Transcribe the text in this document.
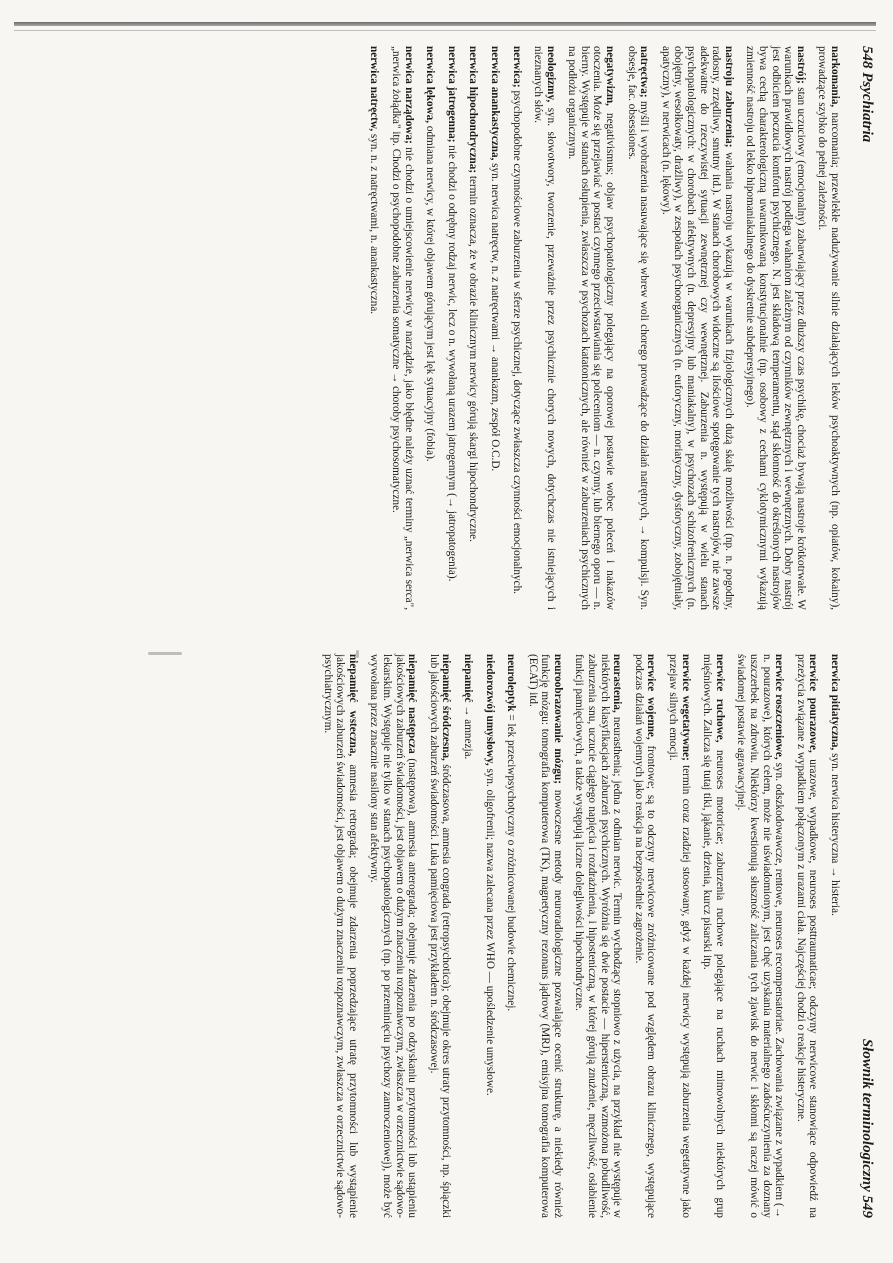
548 Psychiatria

narkomania, narcomania; przewlekłe nadużywanie silnie działających leków psychoaktywnych (np. opiatów, kokainy), prowadzące szybko do pełnej zależności.

nastrój; stan uczuciowy (emocjonalny) zabarwiający przez dłuższy czas psychikę, chociaż bywają nastroje krótkotrwałe. W warunkach prawidłowych nastrój podlega wahaniom zależnym od czynników zewnętrznych i wewnętrznych. Dobry nastrój jest odbiciem poczucia komfortu psychicznego. N. jest składową temperamentu, stąd skłonność do określonych nastrojów bywa cechą charakterologiczną uwarunkowaną konstytucjonalnie (np. osobowy z cechami cyklotymicznymi wykazują zmienność nastroju od lekko hipomaniakalnego do dyskretnie subdepresyjnego).

nastroju zaburzenia; wahania nastroju wykazują w warunkach fizjologicznych dużą skalę możliwości (np. n. pogodny, radosny, zrzędliwy, smutny itd.). W stanach chorobowych widoczne są ilościowe spotęgowanie tych nastrojów, nie zawsze adekwatne do rzeczywistej sytuacji zewnętrznej czy wewnętrznej. Zaburzenia n. występują w wielu stanach psychopatologicznych: w chorobach afektywnych (n. depresyjny lub maniakalny), w psychozach schizofrenicznych (n. obojętny, wesołkowaty, drażliwy), w zespołach psychoorganicznych (n. euforyczny, moriatyczny, dysforyczny, zobojętniały, apatyczny), w nerwicach (n. lękowy).

natręctwa; myśli i wyobrażenia nasuwające się wbrew woli chorego prowadzące do działań natrętnych, → kompulsji. Syn. obsesje, fac. obsessiones.

negatywizm, negativismus; objaw psychopatologiczny polegający na oporowej postawie wobec poleceń i nakazów otoczenia. Może się przejawiać w postaci czynnego przeciwstawiania się poleceniom — n. czynny, lub biernego oporu — n. bierny. Występuje w stanach osłupienia, zwłaszcza w psychozach katatonicznych, ale również w zaburzeniach psychicznych na podłożu organicznym.

neologizmy, syn. słowotwory, tworzenie, przeważnie przez psychicznie chorych nowych, dotychczas nie istniejących i nieznanych słów.

nerwica; psychopodobne czynnościowe zaburzenia w sferze psychicznej, dotyczące zwłaszcza czynności emocjonalnych.

nerwica anankastyczna, syn. nerwica natręctw, n. z natręctwami → anankazm, zespół O.C.D.

nerwica hipochondryczna; termin oznacza, że w obrazie klinicznym nerwicy górują skargi hipochondryczne.

nerwica jatrogenna; nie chodzi o odrębny rodzaj nerwic, lecz o n. wywołaną urazem jatrogennym (→ jatropatogenia).

nerwica lękowa, odmiana nerwicy, w której objawem górującym jest lęk sytuacyjny (fobia).

nerwica narządowa; nie chodzi o umiejscowienie nerwicy w narządzie, jako błędne należy uznać terminy „nerwica serca", „nerwica żołądka" itp. Chodzi o psychopodobne zaburzenia somatyczne → choroby psychosomatyczne.

nerwica natręctw, syn. n. z natręctwami, n. anankastyczna.

Słownik terminologiczny 549

nerwica pitiatyczna, syn. nerwica histeryczna → histeria.

nerwice pourazowe, urazowe, wypadkowe, neuroses posttraumaticae; odczyny nerwicowe stanowiące odpowiedź na przeżycia związane z wypadkiem połączonym z urazami ciała. Najczęściej chodzi o reakcje histeryczne.

nerwice roszczeniowe, syn. odszkodowawcze, rentowe, neuroses recompensatoriae. Zachowania związane z wypadkiem (→ n. pourazowe), których celem, może nie uświadomionym, jest chęć uzyskania materialnego zadośćuczynienia za doznany uszczerbek na zdrowiu. Niektórzy kwestionują słuszność zaliczania tych zjawisk do nerwic i skłonni są raczej mówić o świadomej postawie agrawacyjnej.

nerwice ruchowe, neuroses motoricae; zaburzenia ruchowe polegające na ruchach mimowolnych niektórych grup mięśniowych. Zalicza się tutaj tiki, jąkanie, drżenia, kurcz pisarski itp.

nerwice wegetatywne; termin coraz rzadziej stosowany, gdyż w każdej nerwicy występują zaburzenia wegetatywne jako przejaw silnych emocji.

nerwice wojenne, frontowe; są to odczyny nerwicowe zróżnicowane pod względem obrazu klinicznego, występujące podczas działań wojennych jako reakcja na bezpośrednie zagrożenie.

neurastenia, neurasthenia; jedna z odmian nerwic. Termin wychodzący stopniowo z użycia, na przykład nie występuje w niektórych klasyfikacjach zaburzeń psychicznych. Wyróżnia się dwie postacie — hipersteniczną, wzmożona pobudliwość, zaburzenia snu, uczucie ciągłego napięcia i rozdrażnienia, i hiposteniczną, w której górują znużenie, męczliwość, osłabienie funkcji pamięciowych, a także występują liczne dolegliwości hipochondryczne.

neuroobrazowanie mózgu; nowoczesne metody neuroradiologiczne pozwalające ocenić strukturę, a niekiedy również funkcję mózgu: tomografia komputerowa (TK), magnetyczny rezonans jądrowy (MRJ), emisyjna tomografia komputerowa (ECAT) itd.

neuroleptyk = lek przeciwpsychotyczny o zróżnicowanej budowie chemicznej.

niedorozwój umysłowy, syn. oligofrenii; nazwa zalecana przez WHO — upośledzenie umysłowe.

niepamięć → amnezja.

niepamięć śródczesna, śródczasowa, amnesia congrada (retropsychotica); obejmuje okres utraty przytomności, np. śpiączki lub jakościowych zaburzeń świadomości. Luka pamięciowa jest przykładem n. śródczasowej.

niepamięć następcza (następowa), amnesia anterograda; obejmuje zdarzenia po odzyskaniu przytomności lub ustąpieniu jakościowych zaburzeń świadomości, jest objawem o dużym znaczeniu rozpoznawczym, zwłaszcza w orzecznictwie sądowo-lekarskim. Występuje nie tylko w stanach psychopatologicznych (np. po przeminięciu psychozy zamroczeniowej), może być wywołana przez znacznie nasilony stan afektywny.

niepamięć wsteczna, amnesia retrograda; obejmuje zdarzenia poprzedzające utratę przytomności lub wystąpienie jakościowych zaburzeń świadomości, jest objawem o dużym znaczeniu rozpoznawczym, zwłaszcza w orzecznictwie sądowo-psychiatrycznym.
